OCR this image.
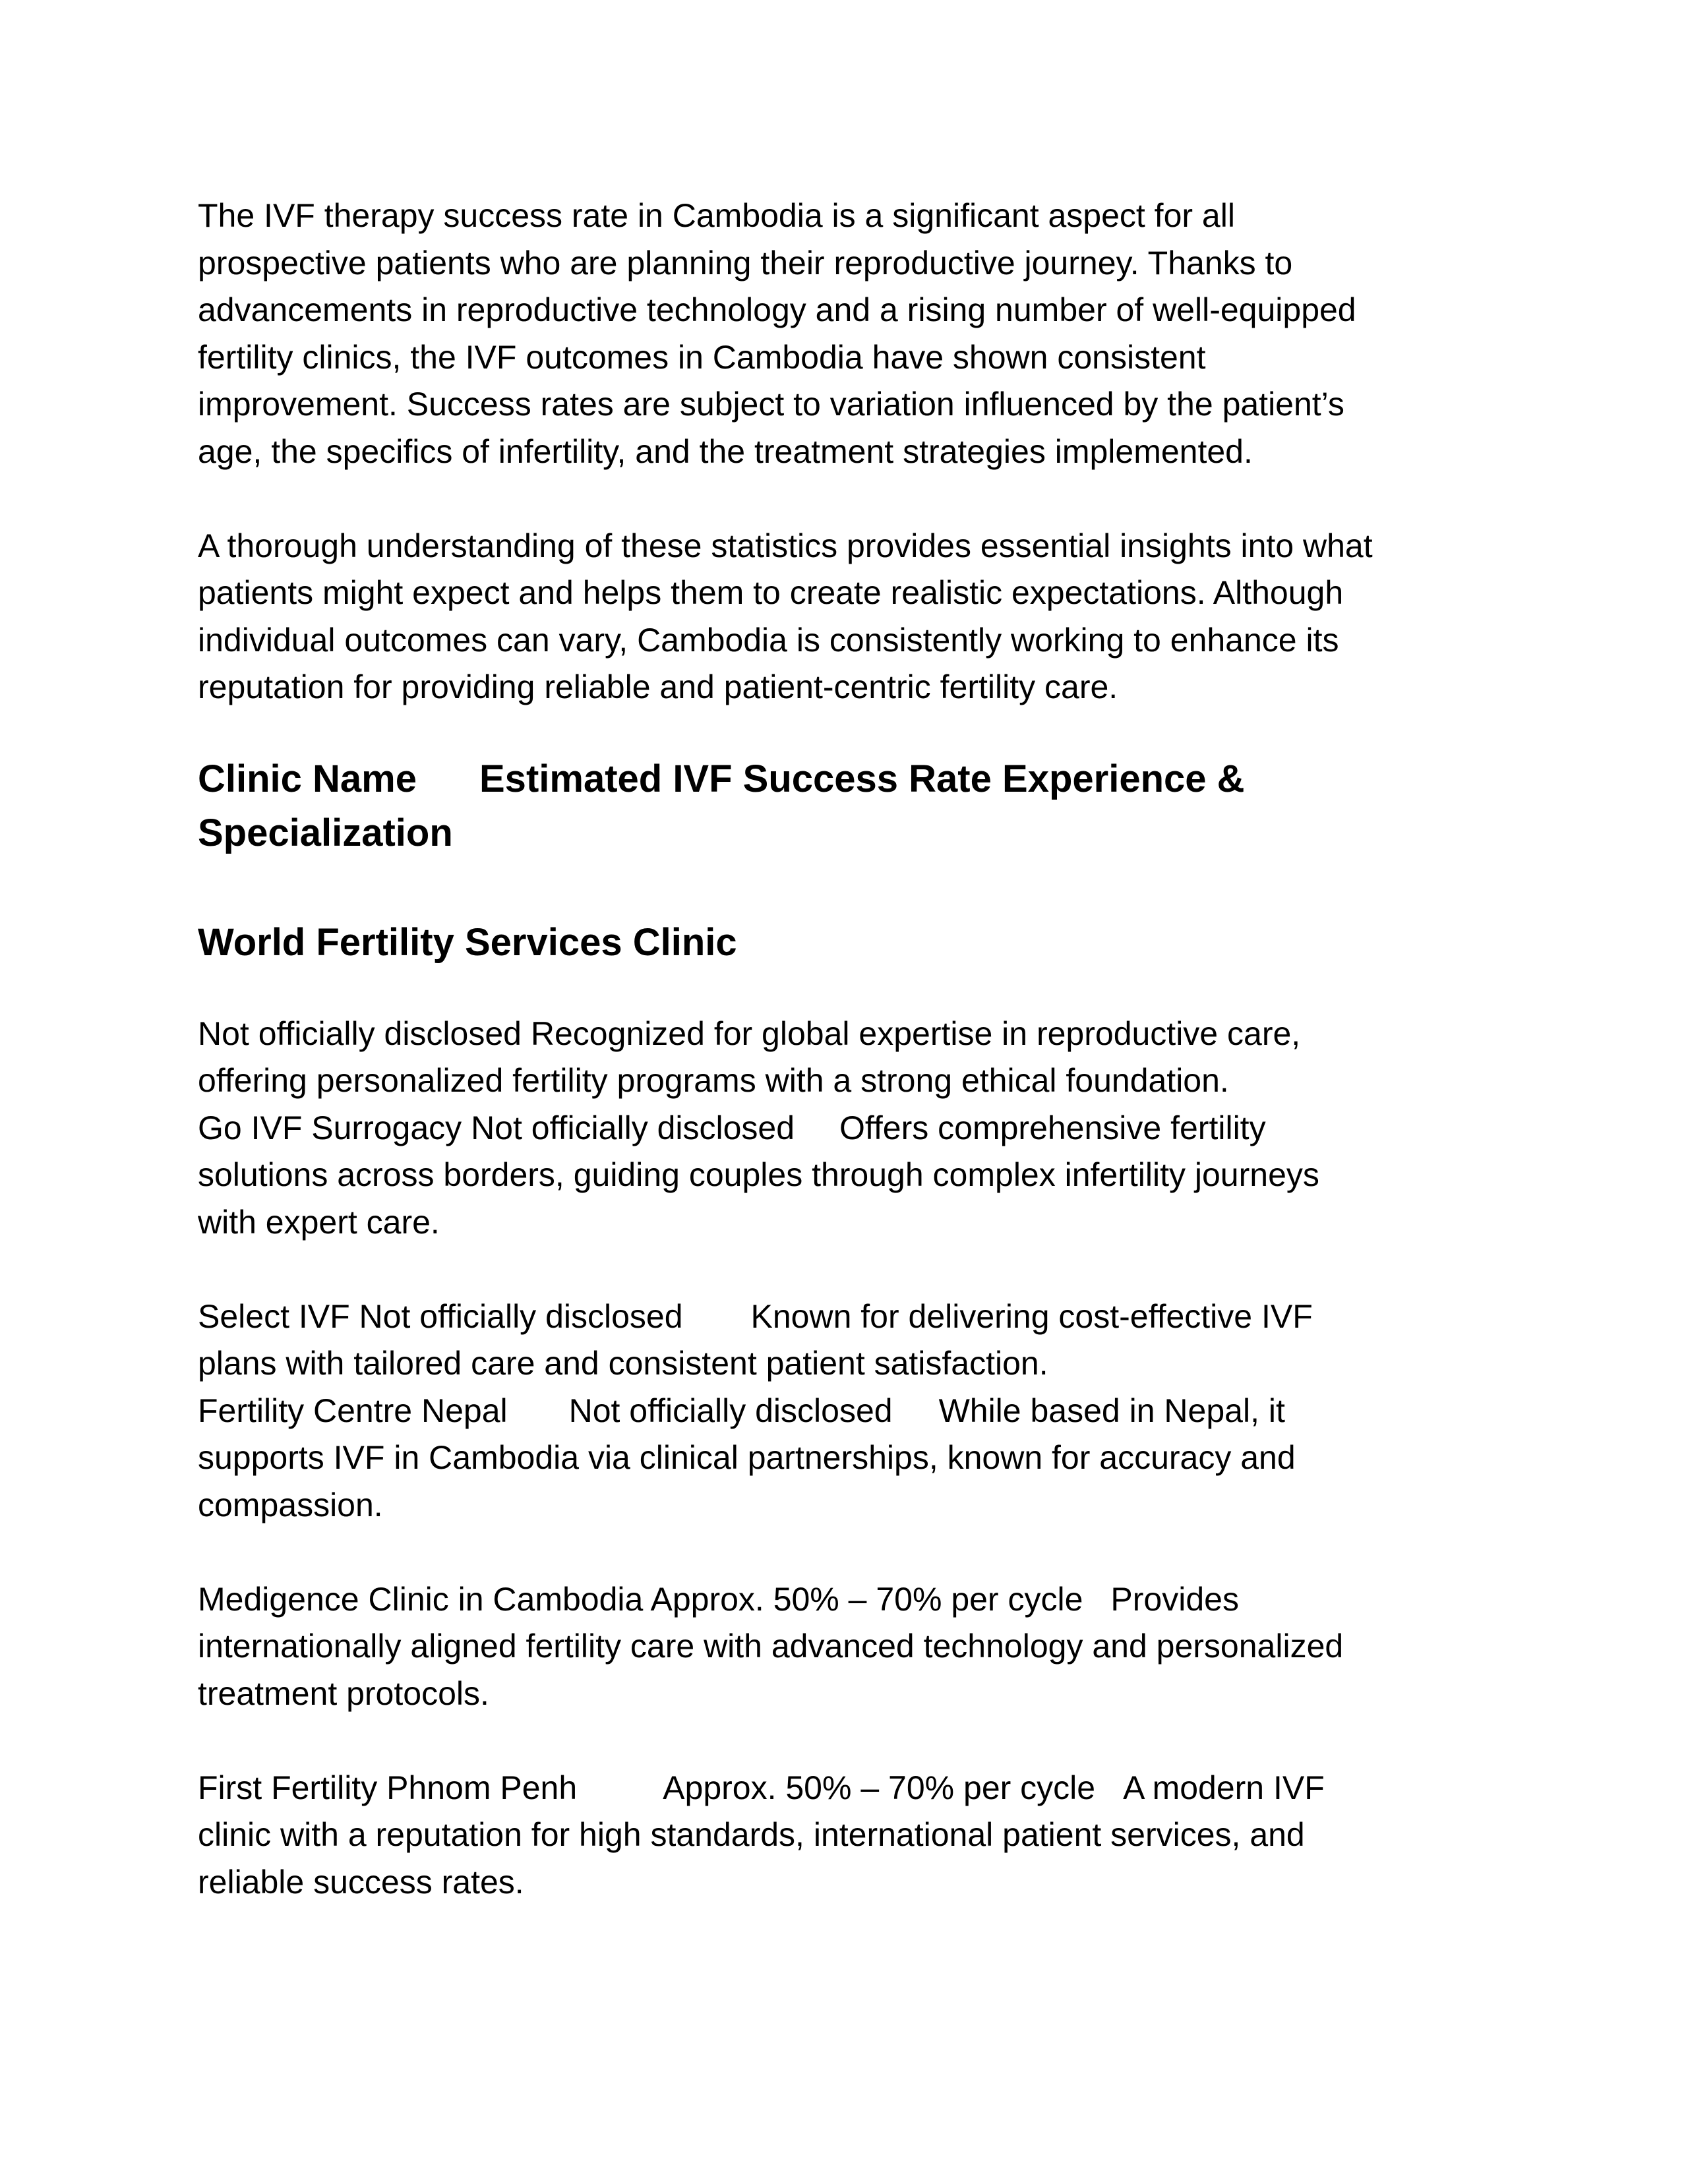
The IVF therapy success rate in Cambodia is a significant aspect for all
prospective patients who are planning their reproductive journey. Thanks to
advancements in reproductive technology and a rising number of well-equipped
fertility clinics, the IVF outcomes in Cambodia have shown consistent
improvement. Success rates are subject to variation influenced by the patient’s
age, the specifics of infertility, and the treatment strategies implemented.

A thorough understanding of these statistics provides essential insights into what
patients might expect and helps them to create realistic expectations. Although
individual outcomes can vary, Cambodia is consistently working to enhance its
reputation for providing reliable and patient-centric fertility care.

Clinic Name Estimated IVF Success Rate Experience &
Specialization
World Fertility Services Clinic

Not officially disclosed Recognized for global expertise in reproductive care,
offering personalized fertility programs with a strong ethical foundation.
Go IVF Surrogacy Not officially disclosed Offers comprehensive fertility
solutions across borders, guiding couples through complex infertility journeys
with expert care.

Select IVF Not officially disclosed Known for delivering cost-effective IVF
plans with tailored care and consistent patient satisfaction.
Fertility Centre Nepal Not officially disclosed While based in Nepal, it
supports IVF in Cambodia via clinical partnerships, known for accuracy and
compassion.

Medigence Clinic in Cambodia Approx. 50% – 70% per cycle Provides
internationally aligned fertility care with advanced technology and personalized
treatment protocols.

First Fertility Phnom Penh	Approx. 50% – 70% per cycle A modern IVF
clinic with a reputation for high standards, international patient services, and
reliable success rates.
